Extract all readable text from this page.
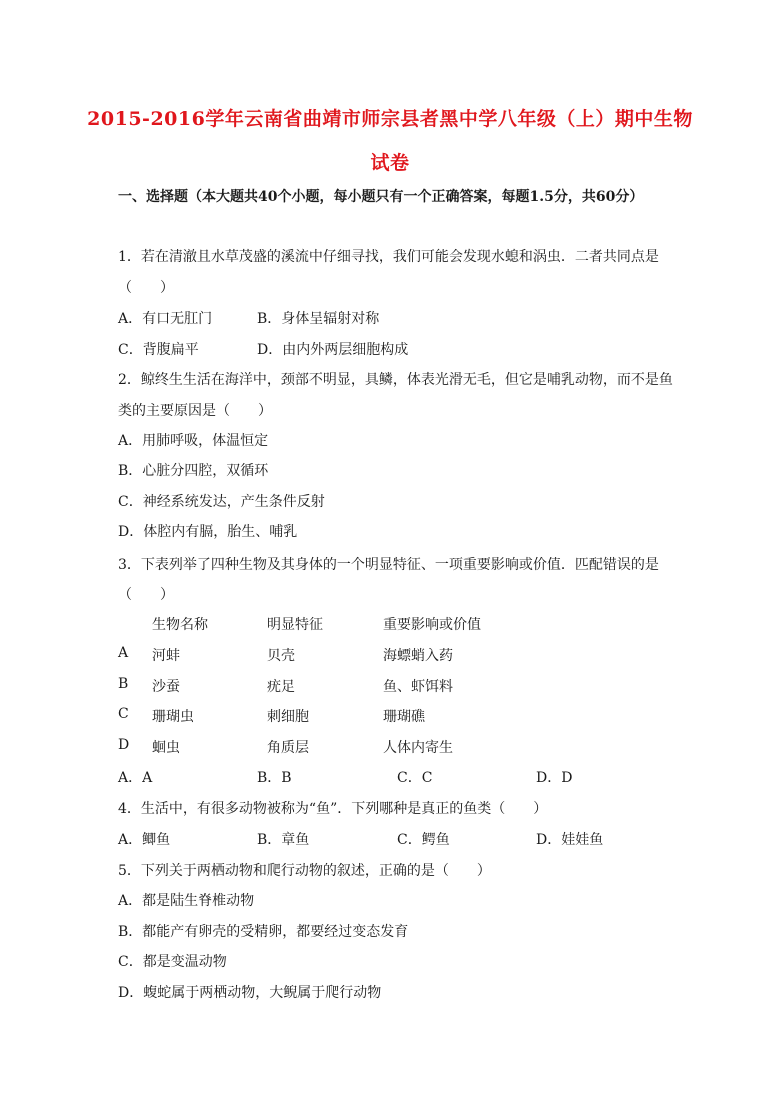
2015-2016学年云南省曲靖市师宗县者黑中学八年级（上）期中生物
试卷
一、选择题（本大题共40个小题，每小题只有一个正确答案，每题1.5分，共60分）
1．若在清澈且水草茂盛的溪流中仔细寻找，我们可能会发现水螅和涡虫．二者共同点是
（　　）
A．有口无肛门	B．身体呈辐射对称
C．背腹扁平	D．由内外两层细胞构成
2．鲸终生生活在海洋中，颈部不明显，具鳞，体表光滑无毛，但它是哺乳动物，而不是鱼
类的主要原因是（　　）
A．用肺呼吸，体温恒定
B．心脏分四腔，双循环
C．神经系统发达，产生条件反射
D．体腔内有膈，胎生、哺乳
3．下表列举了四种生物及其身体的一个明显特征、一项重要影响或价值．匹配错误的是
（　　）
生物名称	明显特征	重要影响或价值
A 河蚌	贝壳	海螵蛸入药
B 沙蚕	疣足	鱼、虾饵料
C 珊瑚虫	刺细胞	珊瑚礁
D 蛔虫	角质层	人体内寄生
A．A	B．B	C．C	D．D
4．生活中，有很多动物被称为“鱼”．下列哪种是真正的鱼类（　　）
A．鲫鱼	B．章鱼	C．鳄鱼	D．娃娃鱼
5．下列关于两栖动物和爬行动物的叙述，正确的是（　　）
A．都是陆生脊椎动物
B．都能产有卵壳的受精卵，都要经过变态发育
C．都是变温动物
D．蝮蛇属于两栖动物，大鲵属于爬行动物
